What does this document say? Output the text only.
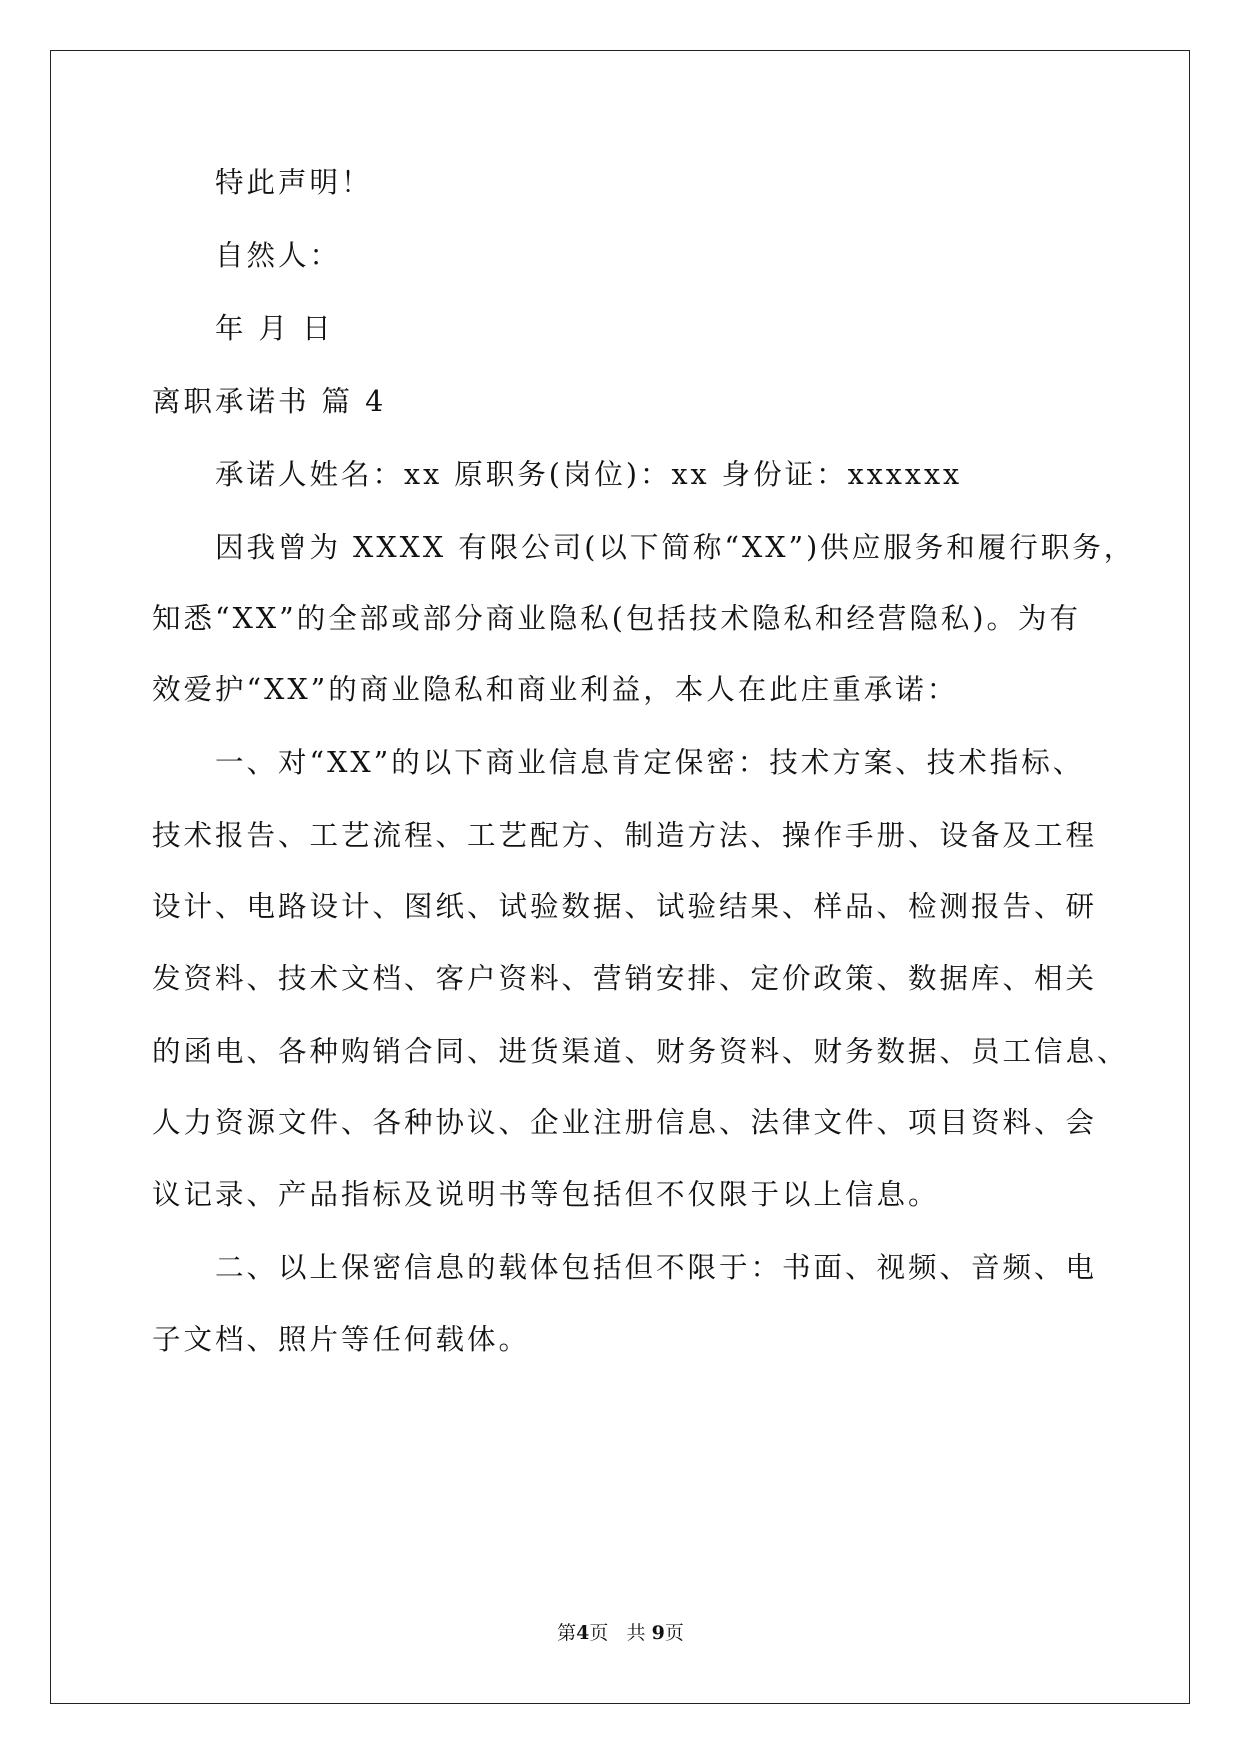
特此声明！
自然人：
年 月 日
离职承诺书 篇 4
承诺人姓名：xx 原职务(岗位)：xx 身份证：xxxxxx
因我曾为 XXXX 有限公司(以下简称“XX”)供应服务和履行职务，
知悉“XX”的全部或部分商业隐私(包括技术隐私和经营隐私)。为有
效爱护“XX”的商业隐私和商业利益，本人在此庄重承诺：
一、对“XX”的以下商业信息肯定保密：技术方案、技术指标、
技术报告、工艺流程、工艺配方、制造方法、操作手册、设备及工程
设计、电路设计、图纸、试验数据、试验结果、样品、检测报告、研
发资料、技术文档、客户资料、营销安排、定价政策、数据库、相关
的函电、各种购销合同、进货渠道、财务资料、财务数据、员工信息、
人力资源文件、各种协议、企业注册信息、法律文件、项目资料、会
议记录、产品指标及说明书等包括但不仅限于以上信息。
二、以上保密信息的载体包括但不限于：书面、视频、音频、电
子文档、照片等任何载体。
第4页 共 9页
